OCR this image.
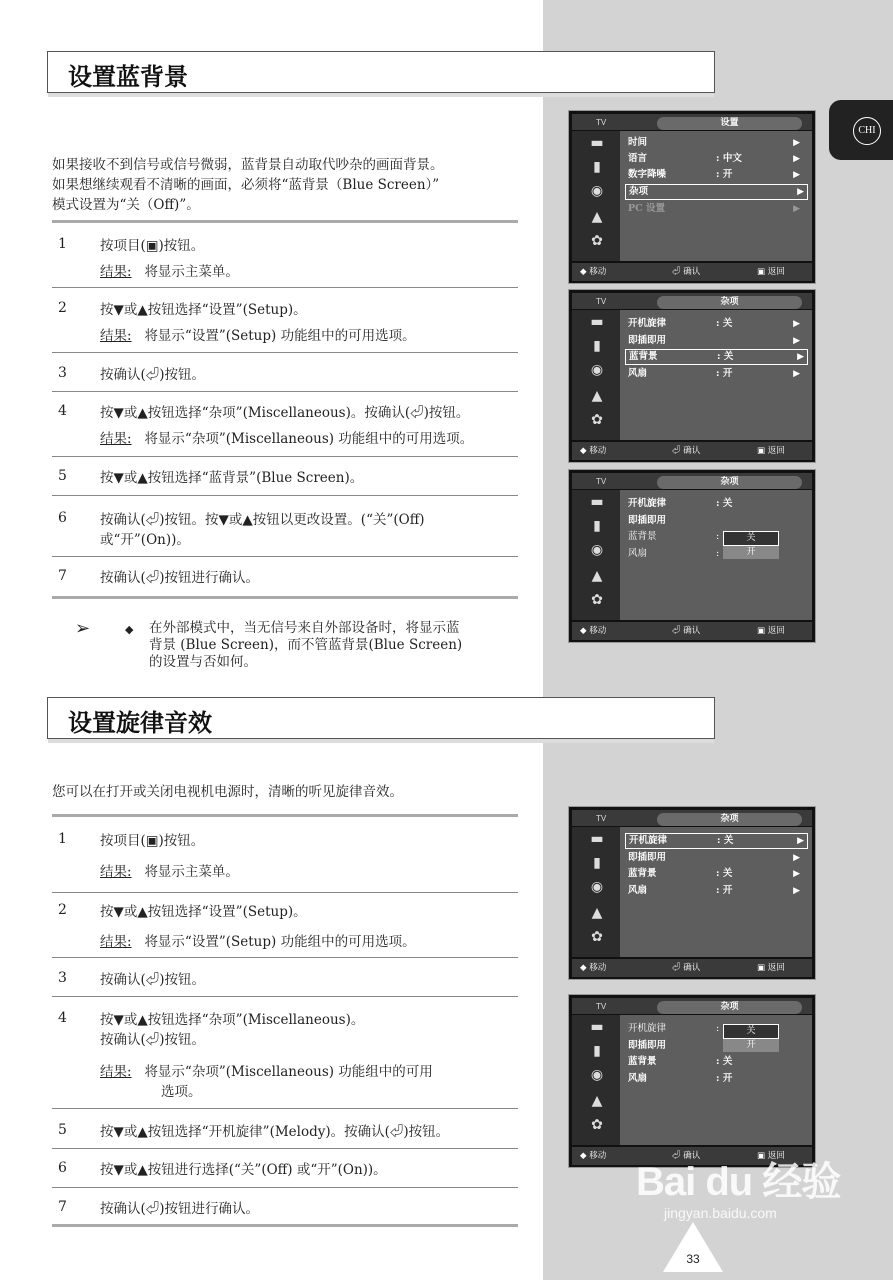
CHI
设置蓝背景
如果接收不到信号或信号微弱，蓝背景自动取代吵杂的画面背景。
如果想继续观看不清晰的画面，必须将“蓝背景（Blue Screen）”
模式设置为“关（Off)”。
1 按项目(▣)按钮。
结果: 将显示主菜单。
2 按▼或▲按钮选择“设置”(Setup)。
结果: 将显示“设置”(Setup) 功能组中的可用选项。
3 按确认(⏎)按钮。
4 按▼或▲按钮选择“杂项”(Miscellaneous)。按确认(⏎)按钮。
结果: 将显示“杂项”(Miscellaneous) 功能组中的可用选项。
5 按▼或▲按钮选择“蓝背景”(Blue Screen)。
6 按确认(⏎)按钮。按▼或▲按钮以更改设置。(“关”(Off)
或“开”(On))。
7 按确认(⏎)按钮进行确认。
➢	◆ 在外部模式中，当无信号来自外部设备时，将显示蓝
背景 (Blue Screen)，而不管蓝背景(Blue Screen)
的设置与否如何。
设置旋律音效
您可以在打开或关闭电视机电源时，清晰的听见旋律音效。
1 按项目(▣)按钮。
结果: 将显示主菜单。
2 按▼或▲按钮选择“设置”(Setup)。
结果: 将显示“设置”(Setup) 功能组中的可用选项。
3 按确认(⏎)按钮。
4 按▼或▲按钮选择“杂项”(Miscellaneous)。
按确认(⏎)按钮。
结果: 将显示“杂项”(Miscellaneous) 功能组中的可用
选项。
5 按▼或▲按钮选择“开机旋律”(Melody)。按确认(⏎)按钮。
6 按▼或▲按钮进行选择(“关”(Off) 或“开”(On))。
7 按确认(⏎)按钮进行确认。
TV	设置
▬
▮
◉
▲
✿
时间	▶
语言	: 中文	▶
数字降噪	: 开	▶
杂项	▶
PC 设置	▶
◆ 移动	⏎ 确认	▣ 返回
TV	杂项
▬
▮
◉
▲
✿
开机旋律	: 关	▶
即插即用	▶
蓝背景	: 关	▶
风扇	: 开	▶
◆ 移动	⏎ 确认	▣ 返回
TV	杂项
▬
▮
◉
▲
✿
开机旋律	: 关
即插即用
蓝背景	:
风扇	:
关
开
◆ 移动	⏎ 确认	▣ 返回
TV	杂项
▬
▮
◉
▲
✿
开机旋律	: 关	▶
即插即用	▶
蓝背景	: 关	▶
风扇	: 开	▶
◆ 移动	⏎ 确认	▣ 返回
TV	杂项
▬
▮
◉
▲
✿
开机旋律	:
即插即用
蓝背景	: 关
风扇	: 开
关
开
◆ 移动	⏎ 确认	▣ 返回
Bai du 经验
jingyan.baidu.com
33
